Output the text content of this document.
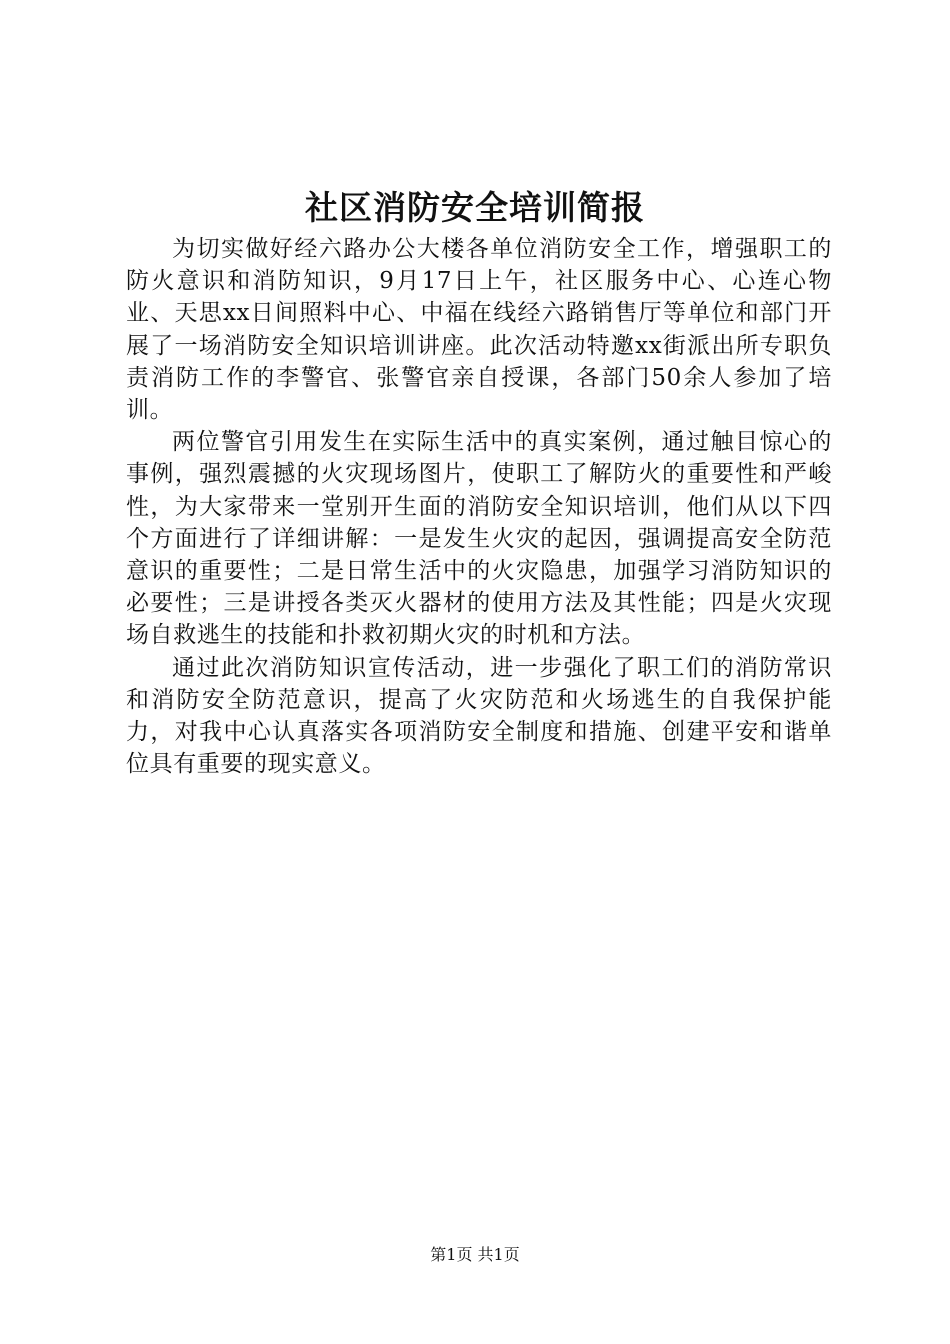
社区消防安全培训简报

为切实做好经六路办公大楼各单位消防安全工作，增强职工的防火意识和消防知识，9月17日上午，社区服务中心、心连心物业、天思xx日间照料中心、中福在线经六路销售厅等单位和部门开展了一场消防安全知识培训讲座。此次活动特邀xx街派出所专职负责消防工作的李警官、张警官亲自授课，各部门50余人参加了培训。

两位警官引用发生在实际生活中的真实案例，通过触目惊心的事例，强烈震撼的火灾现场图片，使职工了解防火的重要性和严峻性，为大家带来一堂别开生面的消防安全知识培训，他们从以下四个方面进行了详细讲解：一是发生火灾的起因，强调提高安全防范意识的重要性；二是日常生活中的火灾隐患，加强学习消防知识的必要性；三是讲授各类灭火器材的使用方法及其性能；四是火灾现场自救逃生的技能和扑救初期火灾的时机和方法。

通过此次消防知识宣传活动，进一步强化了职工们的消防常识和消防安全防范意识，提高了火灾防范和火场逃生的自我保护能力，对我中心认真落实各项消防安全制度和措施、创建平安和谐单位具有重要的现实意义。

第1页 共1页
